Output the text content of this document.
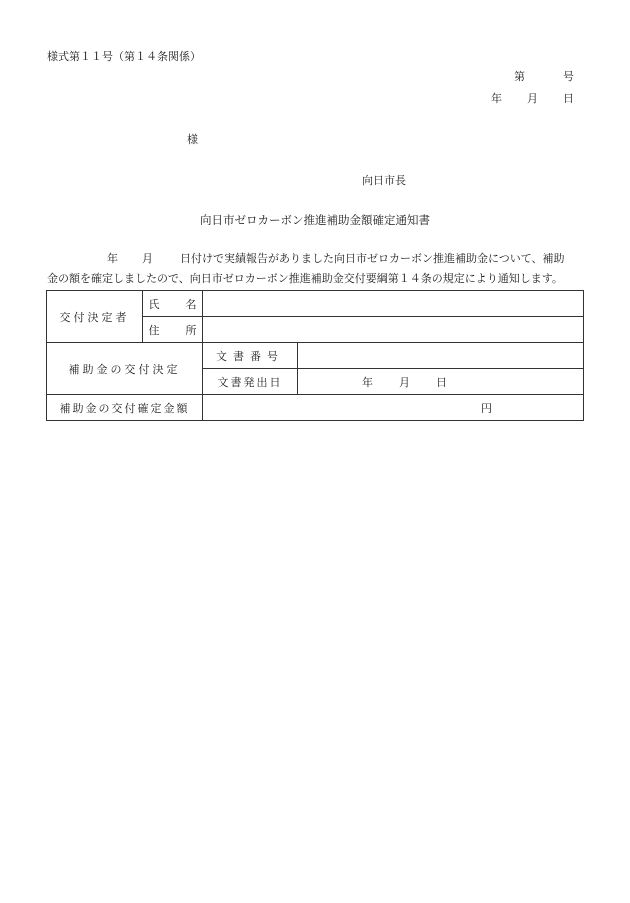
様式第１１号（第１４条関係）
第	号
年 月 日
様
向日市長
向日市ゼロカーボン推進補助金額確定通知書
年 月 日付けで実績報告がありました向日市ゼロカーボン推進補助金について、補助
金の額を確定しましたので、向日市ゼロカーボン推進補助金交付要綱第１４条の規定により通知します。
交付決定者	氏 名		
	住 所		
補助金の交付決定		文書番号	
		文書発出日	年 月 日
補助金の交付確定金額		円	
